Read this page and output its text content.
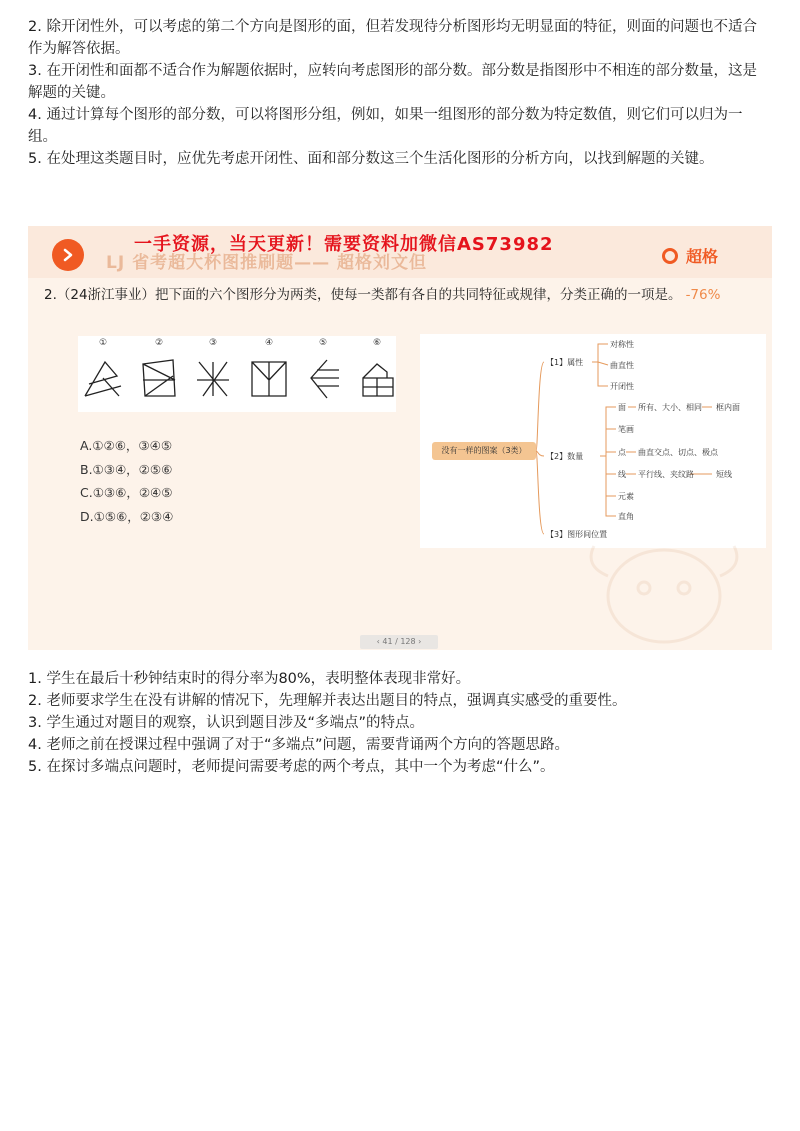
2. 除开闭性外，可以考虑的第二个方向是图形的面，但若发现待分析图形均无明显面的特征，则面的问题也不适合作为解答依据。

3. 在开闭性和面都不适合作为解题依据时，应转向考虑图形的部分数。部分数是指图形中不相连的部分数量，这是解题的关键。

4. 通过计算每个图形的部分数，可以将图形分组，例如，如果一组图形的部分数为特定数值，则它们可以归为一组。

5. 在处理这类题目时，应优先考虑开闭性、面和部分数这三个生活化图形的分析方向，以找到解题的关键。

LJ 省考超大杯图推刷题—— 超格刘文但
一手资源，当天更新！需要资料加微信AS73982
超格
2.（24浙江事业）把下面的六个图形分为两类，使每一类都有各自的共同特征或规律，分类正确的一项是。 -76%
①	②	③	④	⑤	⑥
A.①②⑥，③④⑤
B.①③④，②⑤⑥
C.①③⑥，②④⑤
D.①⑤⑥，②③④
没有一样的图案（3类）
【1】属性
对称性
曲直性
开闭性
【2】数量
面 所有、大小、相同 框内面
笔画
点 曲直交点、切点、极点
线 平行线、夹纹路	短线
元素
直角
【3】图形间位置
‹ 41 / 128 ›

1. 学生在最后十秒钟结束时的得分率为80%，表明整体表现非常好。

2. 老师要求学生在没有讲解的情况下，先理解并表达出题目的特点，强调真实感受的重要性。

3. 学生通过对题目的观察，认识到题目涉及“多端点”的特点。

4. 老师之前在授课过程中强调了对于“多端点”问题，需要背诵两个方向的答题思路。

5. 在探讨多端点问题时，老师提问需要考虑的两个考点，其中一个为考虑“什么”。
